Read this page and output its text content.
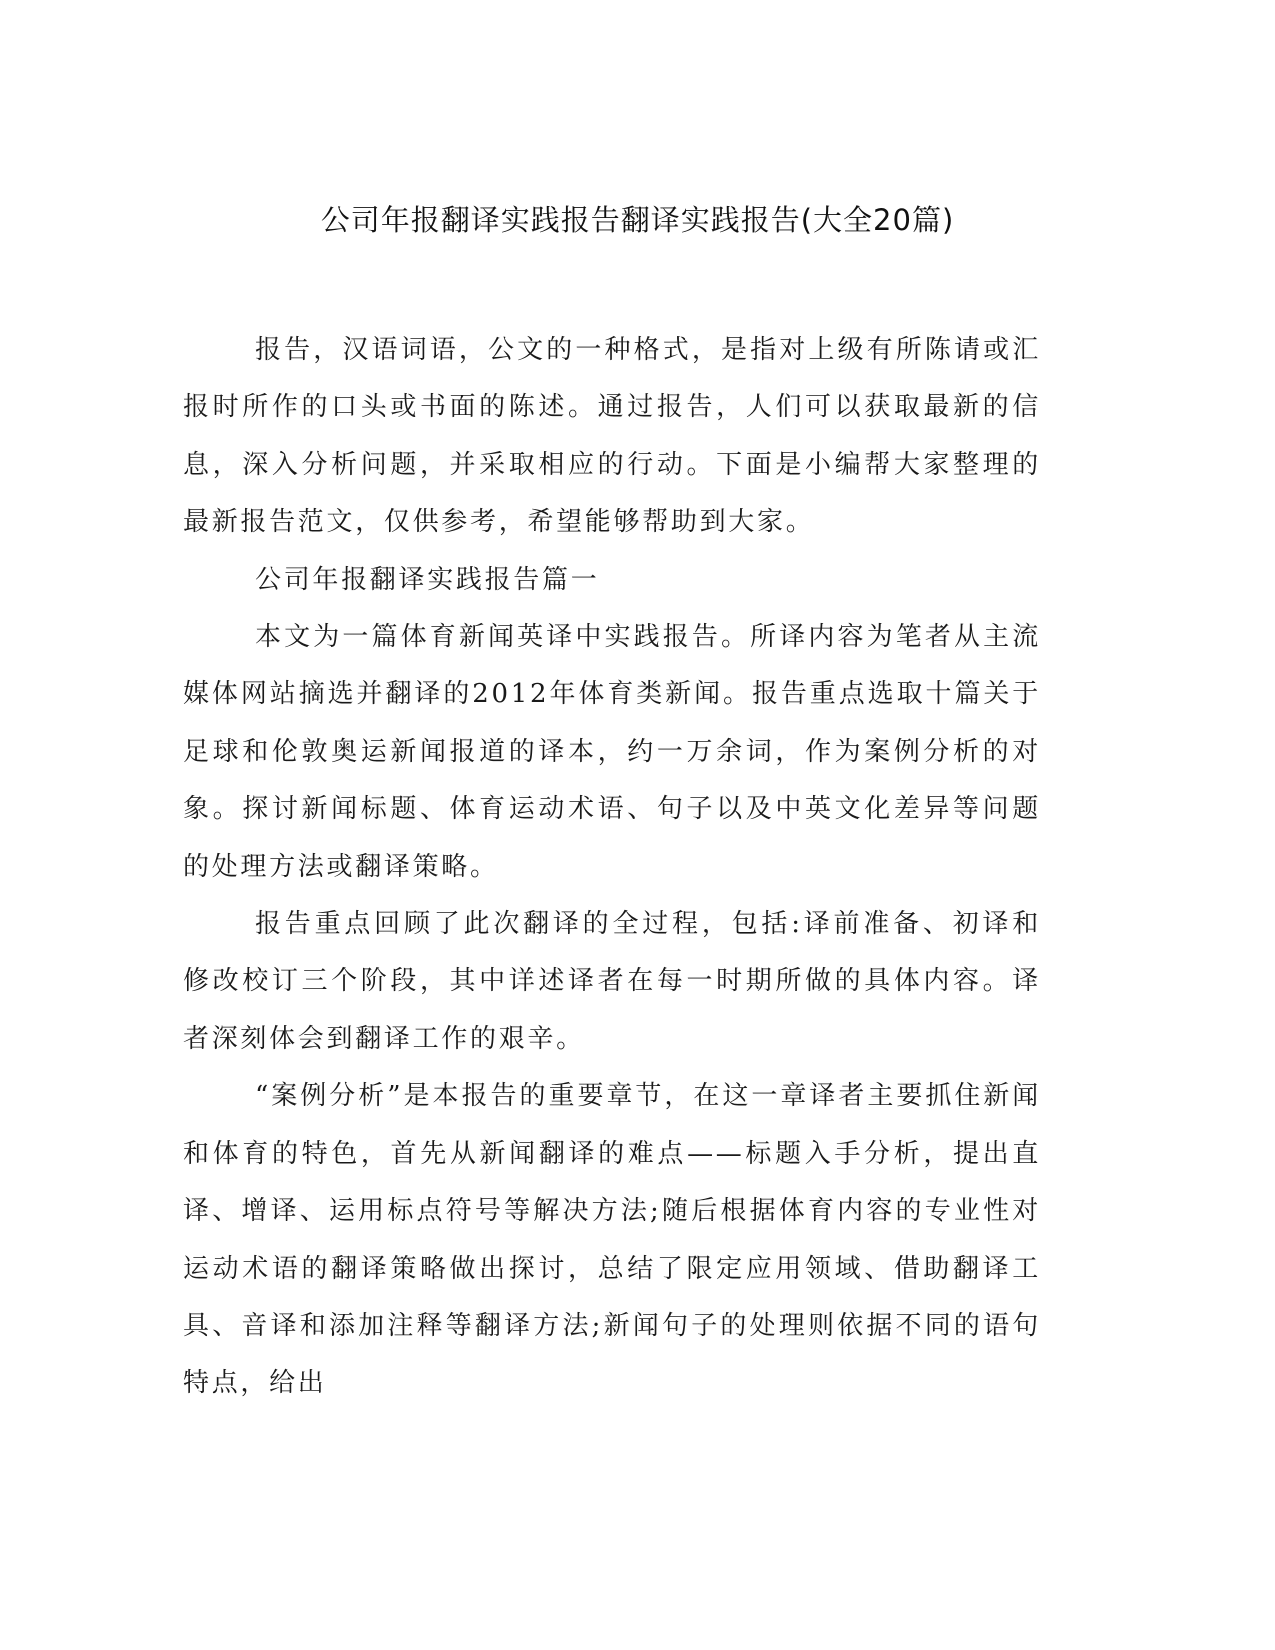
公司年报翻译实践报告翻译实践报告(大全20篇)

报告，汉语词语，公文的一种格式，是指对上级有所陈请或汇报时所作的口头或书面的陈述。通过报告，人们可以获取最新的信息，深入分析问题，并采取相应的行动。下面是小编帮大家整理的最新报告范文，仅供参考，希望能够帮助到大家。

公司年报翻译实践报告篇一

本文为一篇体育新闻英译中实践报告。所译内容为笔者从主流媒体网站摘选并翻译的2012年体育类新闻。报告重点选取十篇关于足球和伦敦奥运新闻报道的译本，约一万余词，作为案例分析的对象。探讨新闻标题、体育运动术语、句子以及中英文化差异等问题的处理方法或翻译策略。

报告重点回顾了此次翻译的全过程，包括:译前准备、初译和修改校订三个阶段，其中详述译者在每一时期所做的具体内容。译者深刻体会到翻译工作的艰辛。

“案例分析”是本报告的重要章节，在这一章译者主要抓住新闻和体育的特色，首先从新闻翻译的难点——标题入手分析，提出直译、增译、运用标点符号等解决方法;随后根据体育内容的专业性对运动术语的翻译策略做出探讨，总结了限定应用领域、借助翻译工具、音译和添加注释等翻译方法;新闻句子的处理则依据不同的语句特点，给出
